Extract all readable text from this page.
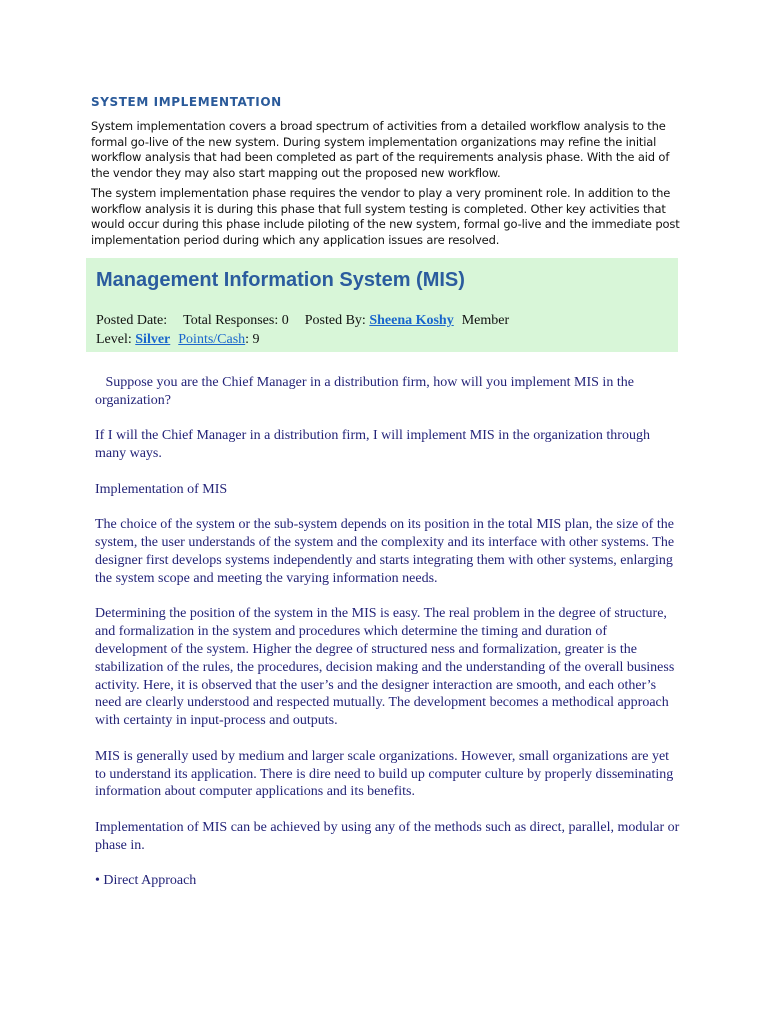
SYSTEM IMPLEMENTATION

System implementation covers a broad spectrum of activities from a detailed workflow analysis to the formal go-live of the new system. During system implementation organizations may refine the initial workflow analysis that had been completed as part of the requirements analysis phase. With the aid of the vendor they may also start mapping out the proposed new workflow.

The system implementation phase requires the vendor to play a very prominent role. In addition to the workflow analysis it is during this phase that full system testing is completed. Other key activities that would occur during this phase include piloting of the new system, formal go-live and the immediate post implementation period during which any application issues are resolved.

Management Information System (MIS)
Posted Date: Total Responses: 0 Posted By: Sheena Koshy Member
Level: Silver Points/Cash: 9

Suppose you are the Chief Manager in a distribution firm, how will you implement MIS in the organization?

If I will the Chief Manager in a distribution firm, I will implement MIS in the organization through many ways.

Implementation of MIS

The choice of the system or the sub-system depends on its position in the total MIS plan, the size of the system, the user understands of the system and the complexity and its interface with other systems. The designer first develops systems independently and starts integrating them with other systems, enlarging the system scope and meeting the varying information needs.

Determining the position of the system in the MIS is easy. The real problem in the degree of structure, and formalization in the system and procedures which determine the timing and duration of development of the system. Higher the degree of structured ness and formalization, greater is the stabilization of the rules, the procedures, decision making and the understanding of the overall business activity. Here, it is observed that the user’s and the designer interaction are smooth, and each other’s need are clearly understood and respected mutually. The development becomes a methodical approach with certainty in input-process and outputs.

MIS is generally used by medium and larger scale organizations. However, small organizations are yet to understand its application. There is dire need to build up computer culture by properly disseminating information about computer applications and its benefits.

Implementation of MIS can be achieved by using any of the methods such as direct, parallel, modular or phase in.

• Direct Approach
